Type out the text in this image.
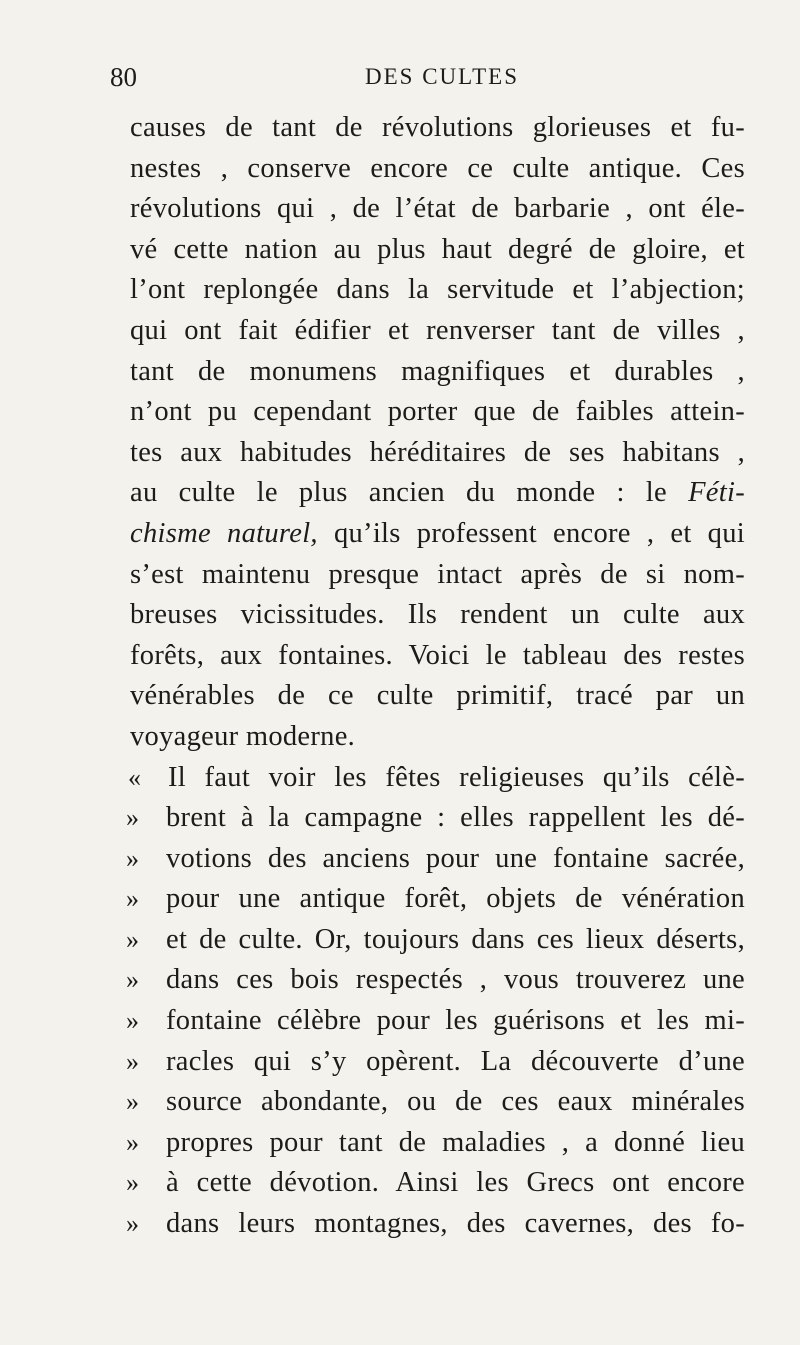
80	DES CULTES
causes de tant de révolutions glorieuses et fu-
nestes , conserve encore ce culte antique. Ces
révolutions qui , de l’état de barbarie , ont éle-
vé cette nation au plus haut degré de gloire, et
l’ont replongée dans la servitude et l’abjection;
qui ont fait édifier et renverser tant de villes ,
tant de monumens magnifiques et durables ,
n’ont pu cependant porter que de faibles attein-
tes aux habitudes héréditaires de ses habitans ,
au culte le plus ancien du monde : le Féti-
chisme naturel, qu’ils professent encore , et qui
s’est maintenu presque intact après de si nom-
breuses vicissitudes. Ils rendent un culte aux
forêts, aux fontaines. Voici le tableau des restes
vénérables de ce culte primitif, tracé par un
voyageur moderne.
« Il faut voir les fêtes religieuses qu’ils célè-
» brent à la campagne : elles rappellent les dé-
» votions des anciens pour une fontaine sacrée,
» pour une antique forêt, objets de vénération
» et de culte. Or, toujours dans ces lieux déserts,
» dans ces bois respectés , vous trouverez une
» fontaine célèbre pour les guérisons et les mi-
» racles qui s’y opèrent. La découverte d’une
» source abondante, ou de ces eaux minérales
» propres pour tant de maladies , a donné lieu
» à cette dévotion. Ainsi les Grecs ont encore
» dans leurs montagnes, des cavernes, des fo-
